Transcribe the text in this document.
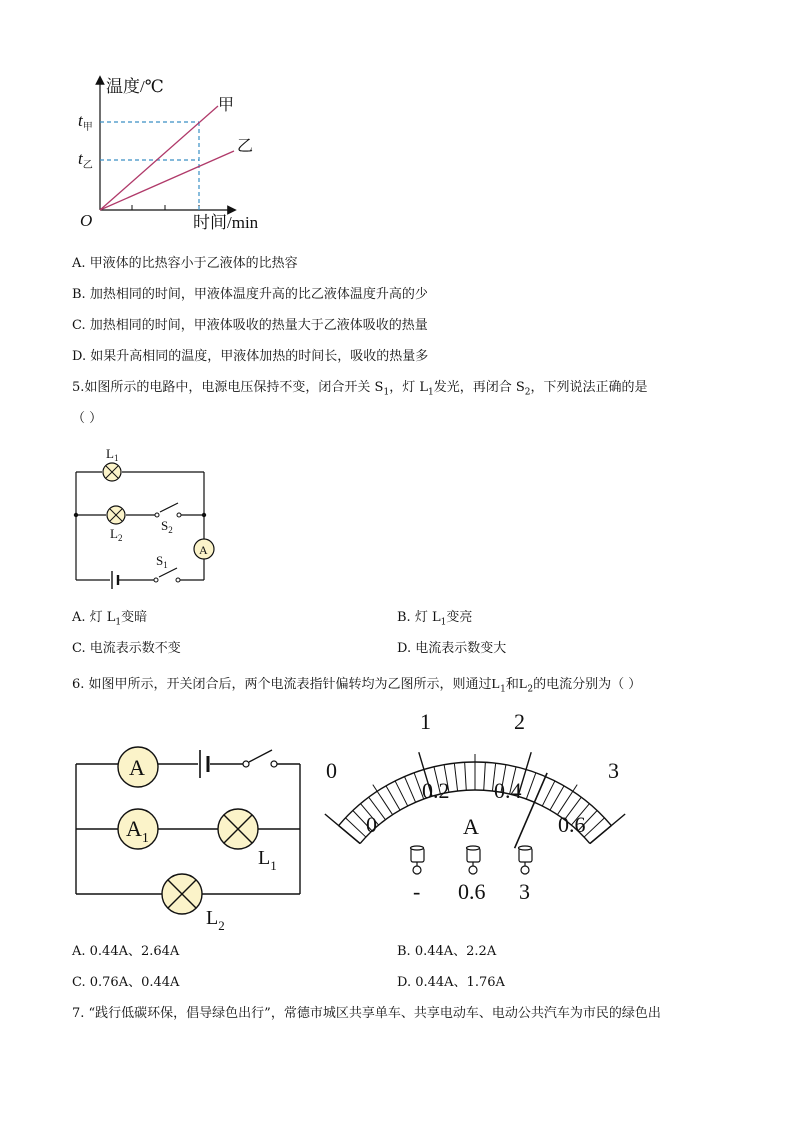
温度/℃
时间/min
O
$t_甲$
$t_乙$
甲
乙
A. 甲液体的比热容小于乙液体的比热容
B. 加热相同的时间，甲液体温度升高的比乙液体温度升高的少
C. 加热相同的时间，甲液体吸收的热量大于乙液体吸收的热量
D. 如果升高相同的温度，甲液体加热的时间长，吸收的热量多
5.如图所示的电路中，电源电压保持不变，闭合开关 $S_1$，灯 $L_1$发光，再闭合 $S_2$，下列说法正确的是
（ ）
A
$L_1$
$L_2$
$S_2$
$S_1$
A. 灯 $L_1$变暗	B. 灯 $L_1$变亮
C. 电流表示数不变	D. 电流表示数变大
6. 如图甲所示，开关闭合后，两个电流表指针偏转均为乙图所示，则通过$L_1$和$L_2$的电流分别为（ ）
A
$A_1$
$L_1$
$L_2$
0
1	2
3
0
0.2 0.4
0.6
A
- 0.6 3
A. 0.44A、2.64A	B. 0.44A、2.2A
C. 0.76A、0.44A	D. 0.44A、1.76A
7. “践行低碳环保，倡导绿色出行”，常德市城区共享单车、共享电动车、电动公共汽车为市民的绿色出
